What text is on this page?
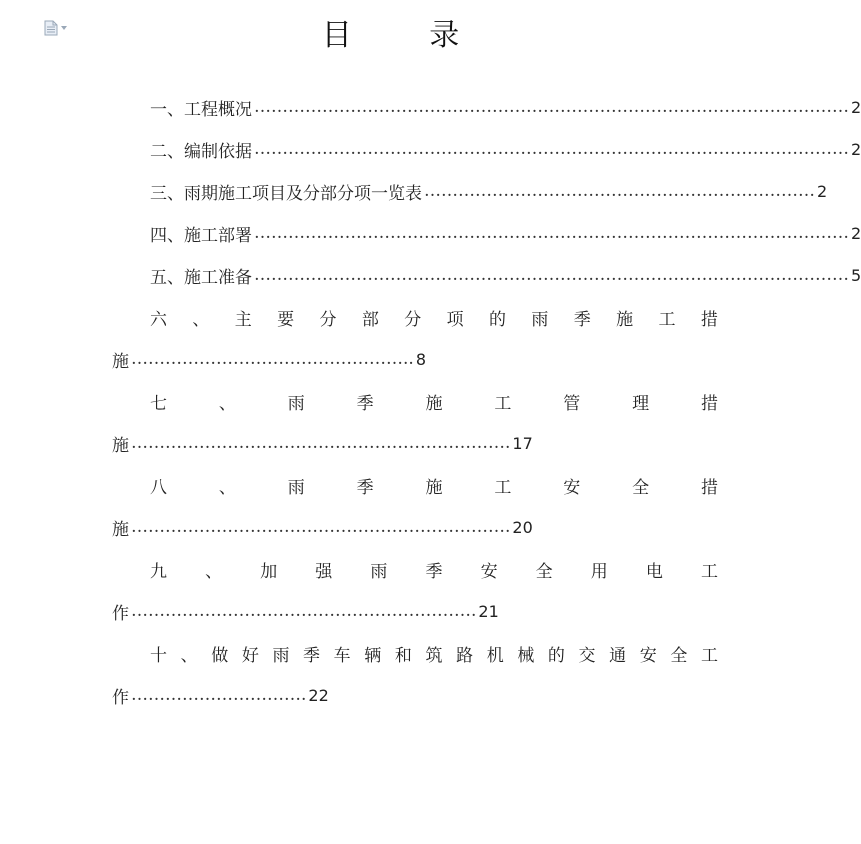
目 录
一、工程概况 …………………………………………………………………………………………… 2
二、编制依据 …………………………………………………………………………………………… 2
三、雨期施工项目及分部分项一览表 …………………………………………………………… 2
四、施工部署 …………………………………………………………………………………………… 2
五、施工准备 …………………………………………………………………………………………… 5
六 、 主 要 分 部 分 项 的 雨 季 施 工 措
施 ………………………………………….. 8
七	、	雨	季	施	工	管	理	措
施 …………………………………………………………. 17
八	、	雨	季	施	工	安	全	措
施 …………………………………………………………. 20
九 、 加 强 雨 季 安 全 用 电 工
作 ……………………………………………………. 21
十 、 做 好 雨 季 车 辆 和 筑 路 机 械 的 交 通 安 全 工
作 …………………………. 22
